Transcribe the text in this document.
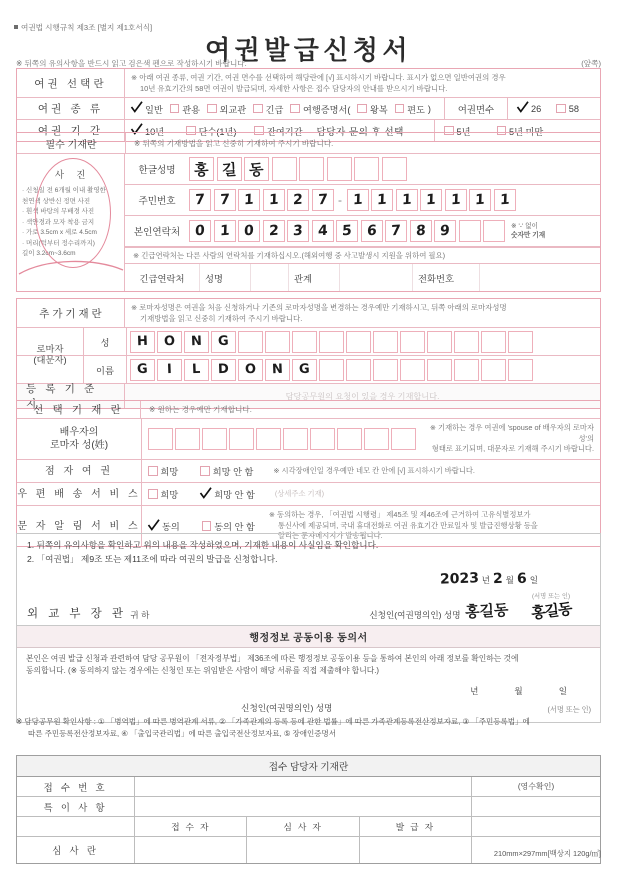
여권법 시행규칙 제3조 [별지 제1호서식]
여권발급신청서
※ 뒤쪽의 유의사항을 반드시 읽고 검은색 펜으로 작성하시기 바랍니다.	(앞쪽)
여권 선택란
※ 아래 여권 종류, 여권 기간, 여권 면수를 선택하여 해당란에 [√] 표시하시기 바랍니다. 표시가 없으면 일반여권의 경우
10년 유효기간의 58면 여권이 발급되며, 자세한 사항은 접수 담당자의 안내를 받으시기 바랍니다.
여권 종 류	일반 관용 외교관 긴급 여행증명서( 왕복 편도 )	여권면수	26	58
여권 기 간	10년	단수(1년)	잔여기간 담당자 문의 후 선택	5년	5년 미만
필수 기재란	※ 뒤쪽의 기재방법을 읽고 신중히 기재하여 주시기 바랍니다.
사 진
· 신청일 전 6개월 이내 촬영한
천연색 상반신 정면 사진
· 흰색 바탕의 무배경 사진
· 색안경과 모자 착용 금지
· 가로 3.5cm x 세로 4.5cm
· 머리(턱부터 정수리까지)
길이 3.2cm~3.6cm
한글성명	홍 길 동
주민번호	7 7 1 1 2 7 - 1 1 1 1 1 1 1
본인연락처	0 1 0 2 3 4 5 6 7 8 9	※ '-' 없이
숫자만 기재
※ 긴급연락처는 다른 사람의 연락처를 기재하십시오.(해외여행 중 사고발생시 지원을 위하여 필요)
긴급연락처	성명	관계	전화번호
추 가 기 재 란
※ 로마자성명은 여권을 처음 신청하거나 기존의 로마자성명을 변경하는 경우예만 기재하시고, 뒤쪽 아래의 로마자성명
기재방법을 읽고 신중히 기재하여 주시기 바랍니다.
로마자
(대문자)
성	H O N G
이름	G I L D O N G
등 록 기 준 지
담당공무원의 요청이 있을 경우 기재합니다.
선 택 기 재 란	※ 원하는 경우예만 기재합니다.
배우자의
로마자 성(姓)
※ 기재하는 경우 여권에 'spouse of 배우자의 로마자 성'의
형태로 표기되며, 대문자로 기재해 주시기 바랍니다.
점 자 여 권	희망	희망 안 함	※ 시각장애인일 경우예만 네모 칸 안에 [√] 표시하시기 바랍니다.
우 편 배 송 서 비 스 희망	희망 안 함	(상세주소 기재)
문 자 알 림 서 비 스 동의	동의 안 함
※ 동의하는 경우, 「여권법 시행령」 제45조 및 제46조에 근거하여 고유식별정보가
통신사에 제공되며, 국내 휴대전화로 여권 유효기간 만료일자 및 발급진행상황 등을
알리는 문자메시지가 발송됩니다.
1. 뒤쪽의 유의사항을 확인하고 위의 내용을 작성하였으며, 기재한 내용이 사실임을 확인합니다.
2. 「여권법」 제9조 또는 제11조에 따라 여권의 발급을 신청합니다.
2023 년 2 월 6 일
외 교 부 장 관 귀 하	신청인(여권명의인) 성명 홍길동
(서명 또는 인)
홍길동
행정정보 공동이용 동의서
본인은 여권 발급 신청과 관련하여 담당 공무원이 「전자정부법」 제36조에 따른 행정정보 공동이용 등을 통하여 본인의 아래 정보를 확인하는 것에
동의합니다. (※ 동의하지 않는 경우에는 신청인 또는 위임받은 사람이 해당 서류를 직접 제출해야 합니다.)
년	월	일
신청인(여권명의인) 성명	(서명 또는 인)
※ 담당공무원 확인사항 : ① 「병역법」에 따른 병역관계 서류, ② 「가족관계의 등록 등에 관한 법률」에 따른 가족관계등록전산정보자료, ③ 「주민등록법」에
따른 주민등록전산정보자료, ④ 「출입국관리법」에 따른 출입국전산정보자료, ⑤ 장애인증명서
접수 담당자 기재란
접 수 번 호	(영수확인)
특 이 사 항
접 수 자	심 사 자	발 급 자
심 사 란	210mm×297mm[백상지 120g/㎡]
